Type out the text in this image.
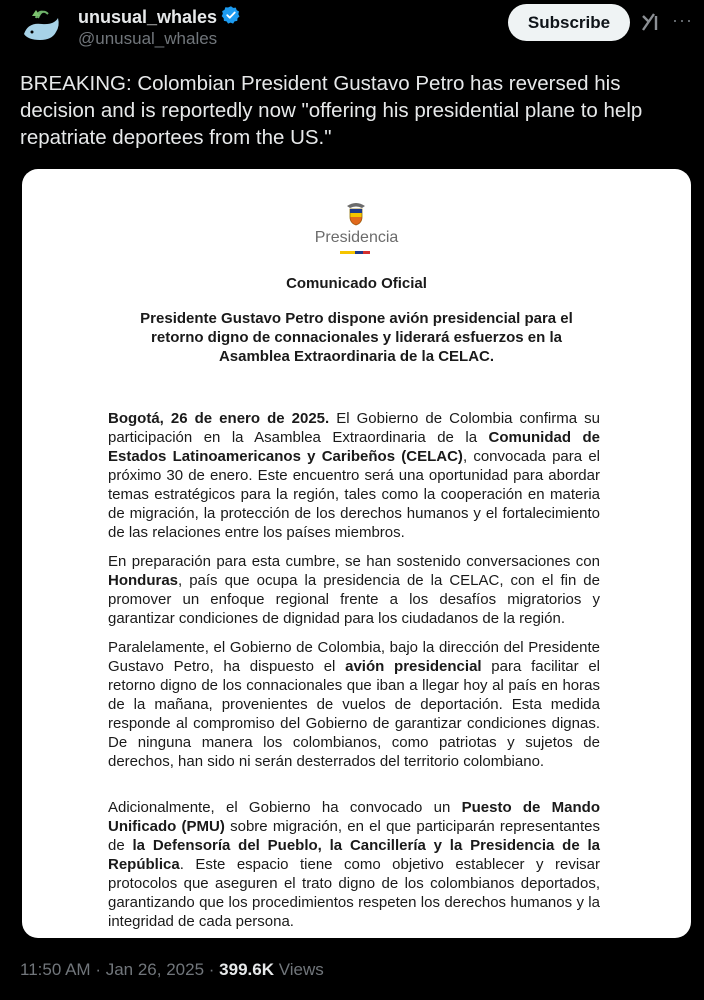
unusual_whales
@unusual_whales
Subscribe	···
BREAKING: Colombian President Gustavo Petro has reversed his decision and is reportedly now "offering his presidential plane to help repatriate deportees from the US."
Presidencia
Comunicado Oficial
Presidente Gustavo Petro dispone avión presidencial para el retorno digno de connacionales y liderará esfuerzos en la Asamblea Extraordinaria de la CELAC.
Bogotá, 26 de enero de 2025. El Gobierno de Colombia confirma su participación en la Asamblea Extraordinaria de la Comunidad de Estados Latinoamericanos y Caribeños (CELAC), convocada para el próximo 30 de enero. Este encuentro será una oportunidad para abordar temas estratégicos para la región, tales como la cooperación en materia de migración, la protección de los derechos humanos y el fortalecimiento de las relaciones entre los países miembros.
En preparación para esta cumbre, se han sostenido conversaciones con Honduras, país que ocupa la presidencia de la CELAC, con el fin de promover un enfoque regional frente a los desafíos migratorios y garantizar condiciones de dignidad para los ciudadanos de la región.
Paralelamente, el Gobierno de Colombia, bajo la dirección del Presidente Gustavo Petro, ha dispuesto el avión presidencial para facilitar el retorno digno de los connacionales que iban a llegar hoy al país en horas de la mañana, provenientes de vuelos de deportación. Esta medida responde al compromiso del Gobierno de garantizar condiciones dignas. De ninguna manera los colombianos, como patriotas y sujetos de derechos, han sido ni serán desterrados del territorio colombiano.
Adicionalmente, el Gobierno ha convocado un Puesto de Mando Unificado (PMU) sobre migración, en el que participarán representantes de la Defensoría del Pueblo, la Cancillería y la Presidencia de la República. Este espacio tiene como objetivo establecer y revisar protocolos que aseguren el trato digno de los colombianos deportados, garantizando que los procedimientos respeten los derechos humanos y la integridad de cada persona.
11:50 AM · Jan 26, 2025 · 399.6K Views
